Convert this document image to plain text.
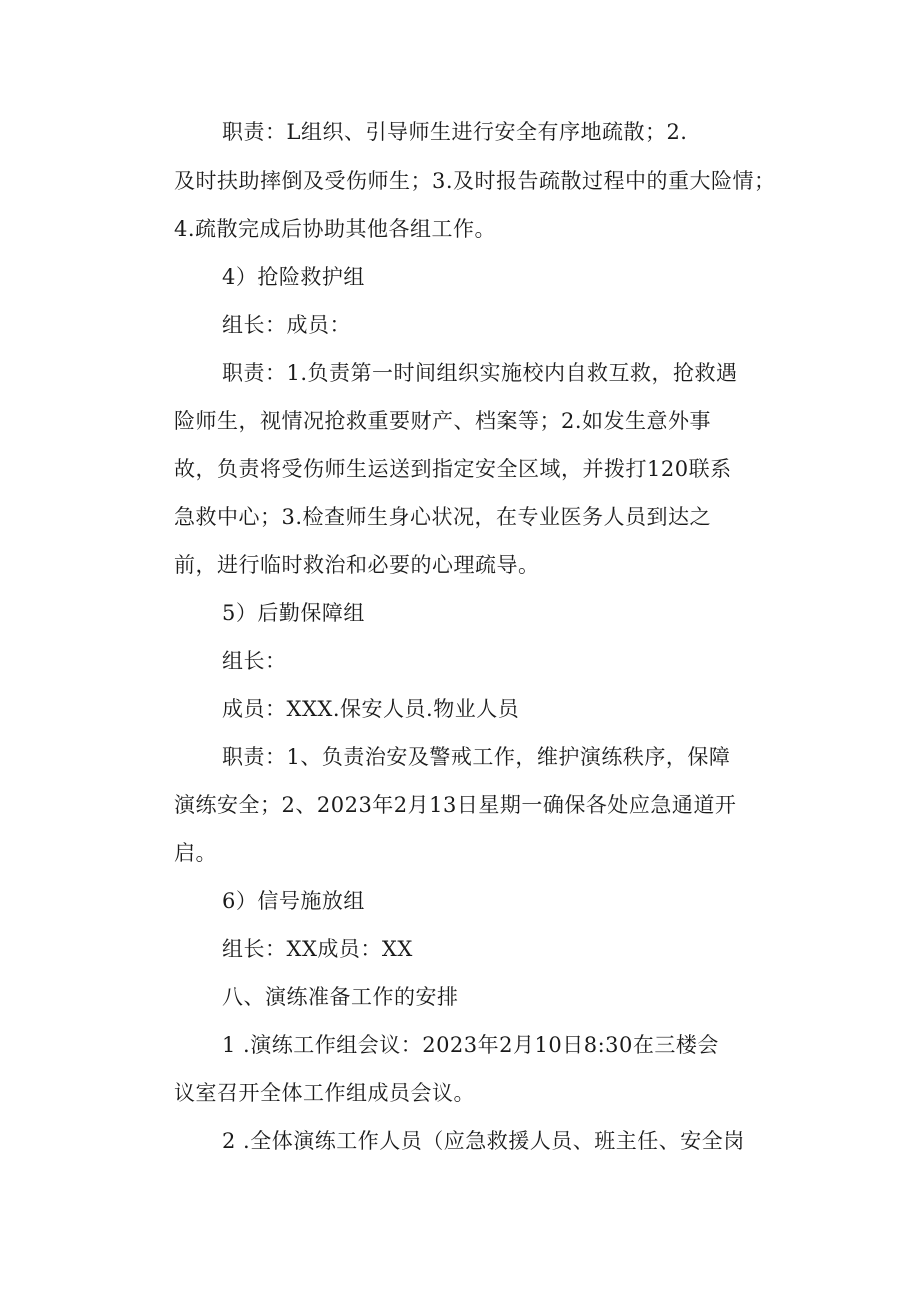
职责：L组织、引导师生进行安全有序地疏散；2.
及时扶助摔倒及受伤师生；3.及时报告疏散过程中的重大险情；
4.疏散完成后协助其他各组工作。
4）抢险救护组
组长：成员：
职责：1.负责第一时间组织实施校内自救互救，抢救遇
险师生，视情况抢救重要财产、档案等；2.如发生意外事
故，负责将受伤师生运送到指定安全区域，并拨打120联系
急救中心；3.检查师生身心状况，在专业医务人员到达之
前，进行临时救治和必要的心理疏导。
5）后勤保障组
组长：
成员：XXX.保安人员.物业人员
职责：1、负责治安及警戒工作，维护演练秩序，保障
演练安全；2、2023年2月13日星期一确保各处应急通道开
启。
6）信号施放组
组长：XX成员：XX
八、演练准备工作的安排
1 .演练工作组会议：2023年2月10日8:30在三楼会
议室召开全体工作组成员会议。
2 .全体演练工作人员（应急救援人员、班主任、安全岗
